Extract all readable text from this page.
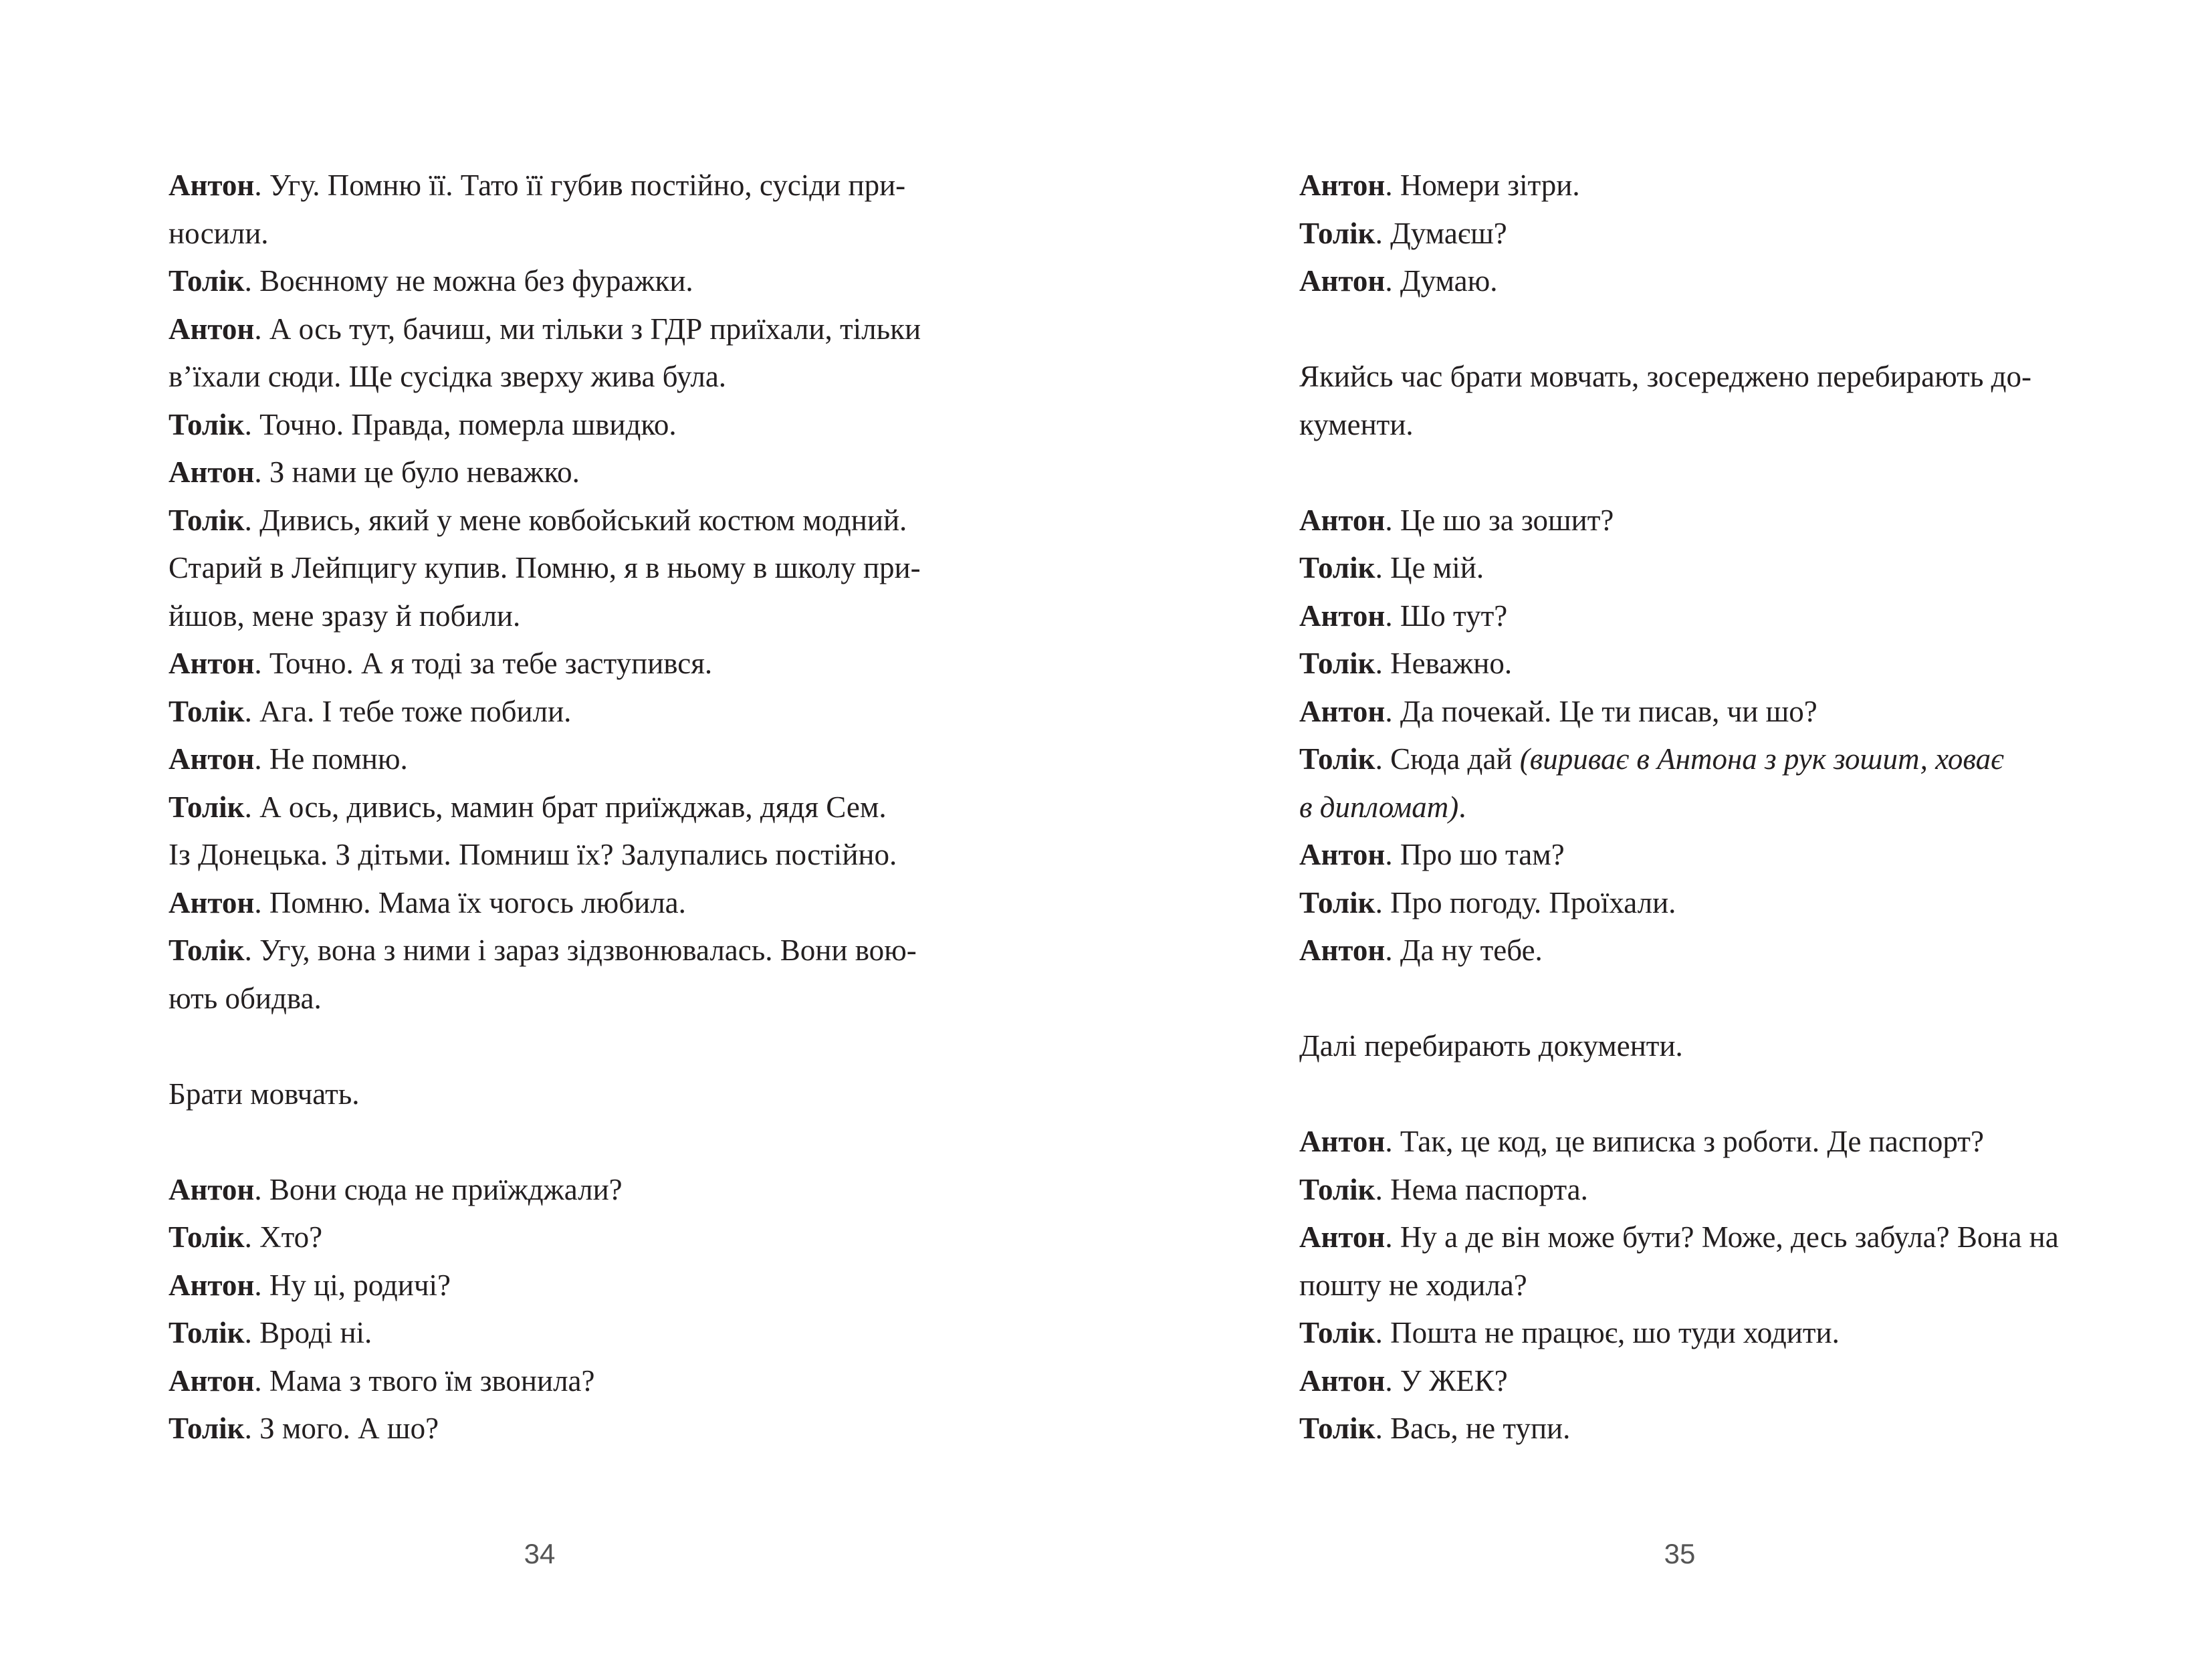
Антон. Угу. Помню її. Тато її губив постійно, сусіди при-
носили.
Толік. Воєнному не можна без фуражки.
Антон. А ось тут, бачиш, ми тільки з ГДР приїхали, тільки
в’їхали сюди. Ще сусідка зверху жива була.
Толік. Точно. Правда, померла швидко.
Антон. З нами це було неважко.
Толік. Дивись, який у мене ковбойський костюм модний.
Старий в Лейпцигу купив. Помню, я в ньому в школу при-
йшов, мене зразу й побили.
Антон. Точно. А я тоді за тебе заступився.
Толік. Ага. І тебе тоже побили.
Антон. Не помню.
Толік. А ось, дивись, мамин брат приїжджав, дядя Сем.
Із Донецька. З дітьми. Помниш їх? Залупались постійно.
Антон. Помню. Мама їх чогось любила.
Толік. Угу, вона з ними і зараз зідзвонювалась. Вони вою-
ють обидва.
Брати мовчать.
Антон. Вони сюда не приїжджали?
Толік. Хто?
Антон. Ну ці, родичі?
Толік. Вроді ні.
Антон. Мама з твого їм звонила?
Толік. З мого. А шо?
34
Антон. Номери зітри.
Толік. Думаєш?
Антон. Думаю.
Якийсь час брати мовчать, зосереджено перебирають до-
кументи.
Антон. Це шо за зошит?
Толік. Це мій.
Антон. Шо тут?
Толік. Неважно.
Антон. Да почекай. Це ти писав, чи шо?
Толік. Сюда дай (вириває в Антона з рук зошит, ховає
в дипломат).
Антон. Про шо там?
Толік. Про погоду. Проїхали.
Антон. Да ну тебе.
Далі перебирають документи.
Антон. Так, це код, це виписка з роботи. Де паспорт?
Толік. Нема паспорта.
Антон. Ну а де він може бути? Може, десь забула? Вона на
пошту не ходила?
Толік. Пошта не працює, шо туди ходити.
Антон. У ЖЕК?
Толік. Вась, не тупи.
35
